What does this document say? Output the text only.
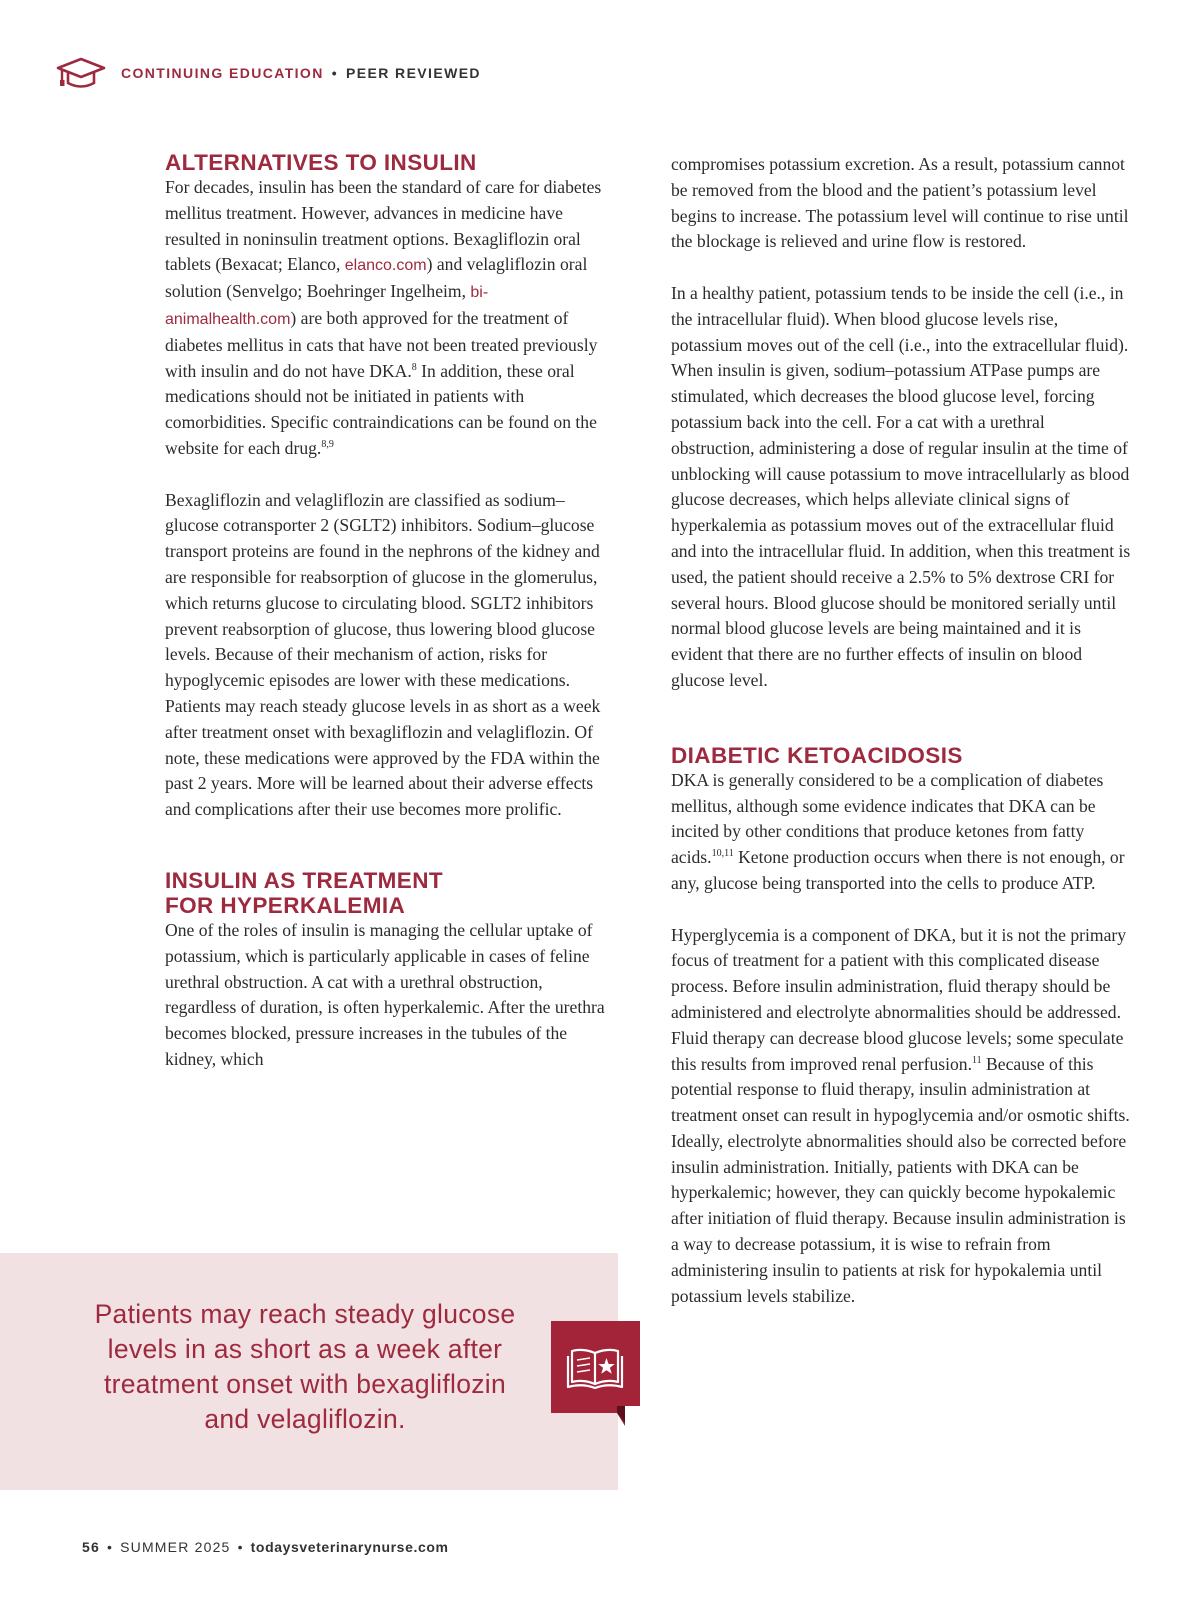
CONTINUING EDUCATION • PEER REVIEWED
ALTERNATIVES TO INSULIN

For decades, insulin has been the standard of care for diabetes mellitus treatment. However, advances in medicine have resulted in noninsulin treatment options. Bexagliflozin oral tablets (Bexacat; Elanco, elanco.com) and velagliflozin oral solution (Senvelgo; Boehringer Ingelheim, bi-animalhealth.com) are both approved for the treatment of diabetes mellitus in cats that have not been treated previously with insulin and do not have DKA.$^8$ In addition, these oral medications should not be initiated in patients with comorbidities. Specific contraindications can be found on the website for each drug.$^{8,9}$

Bexagliflozin and velagliflozin are classified as sodium–glucose cotransporter 2 (SGLT2) inhibitors. Sodium–glucose transport proteins are found in the nephrons of the kidney and are responsible for reabsorption of glucose in the glomerulus, which returns glucose to circulating blood. SGLT2 inhibitors prevent reabsorption of glucose, thus lowering blood glucose levels. Because of their mechanism of action, risks for hypoglycemic episodes are lower with these medications. Patients may reach steady glucose levels in as short as a week after treatment onset with bexagliflozin and velagliflozin. Of note, these medications were approved by the FDA within the past 2 years. More will be learned about their adverse effects and complications after their use becomes more prolific.

INSULIN AS TREATMENT
FOR HYPERKALEMIA

One of the roles of insulin is managing the cellular uptake of potassium, which is particularly applicable in cases of feline urethral obstruction. A cat with a urethral obstruction, regardless of duration, is often hyperkalemic. After the urethra becomes blocked, pressure increases in the tubules of the kidney, which

compromises potassium excretion. As a result, potassium cannot be removed from the blood and the patient’s potassium level begins to increase. The potassium level will continue to rise until the blockage is relieved and urine flow is restored.

In a healthy patient, potassium tends to be inside the cell (i.e., in the intracellular fluid). When blood glucose levels rise, potassium moves out of the cell (i.e., into the extracellular fluid). When insulin is given, sodium–potassium ATPase pumps are stimulated, which decreases the blood glucose level, forcing potassium back into the cell. For a cat with a urethral obstruction, administering a dose of regular insulin at the time of unblocking will cause potassium to move intracellularly as blood glucose decreases, which helps alleviate clinical signs of hyperkalemia as potassium moves out of the extracellular fluid and into the intracellular fluid. In addition, when this treatment is used, the patient should receive a 2.5% to 5% dextrose CRI for several hours. Blood glucose should be monitored serially until normal blood glucose levels are being maintained and it is evident that there are no further effects of insulin on blood glucose level.

DIABETIC KETOACIDOSIS

DKA is generally considered to be a complication of diabetes mellitus, although some evidence indicates that DKA can be incited by other conditions that produce ketones from fatty acids.$^{10,11}$ Ketone production occurs when there is not enough, or any, glucose being transported into the cells to produce ATP.

Hyperglycemia is a component of DKA, but it is not the primary focus of treatment for a patient with this complicated disease process. Before insulin administration, fluid therapy should be administered and electrolyte abnormalities should be addressed. Fluid therapy can decrease blood glucose levels; some speculate this results from improved renal perfusion.$^{11}$ Because of this potential response to fluid therapy, insulin administration at treatment onset can result in hypoglycemia and/or osmotic shifts. Ideally, electrolyte abnormalities should also be corrected before insulin administration. Initially, patients with DKA can be hyperkalemic; however, they can quickly become hypokalemic after initiation of fluid therapy. Because insulin administration is a way to decrease potassium, it is wise to refrain from administering insulin to patients at risk for hypokalemia until potassium levels stabilize.

Patients may reach steady glucose levels in as short as a week after treatment onset with bexagliflozin and velagliflozin.
56 • SUMMER 2025 • todaysveterinarynurse.com
